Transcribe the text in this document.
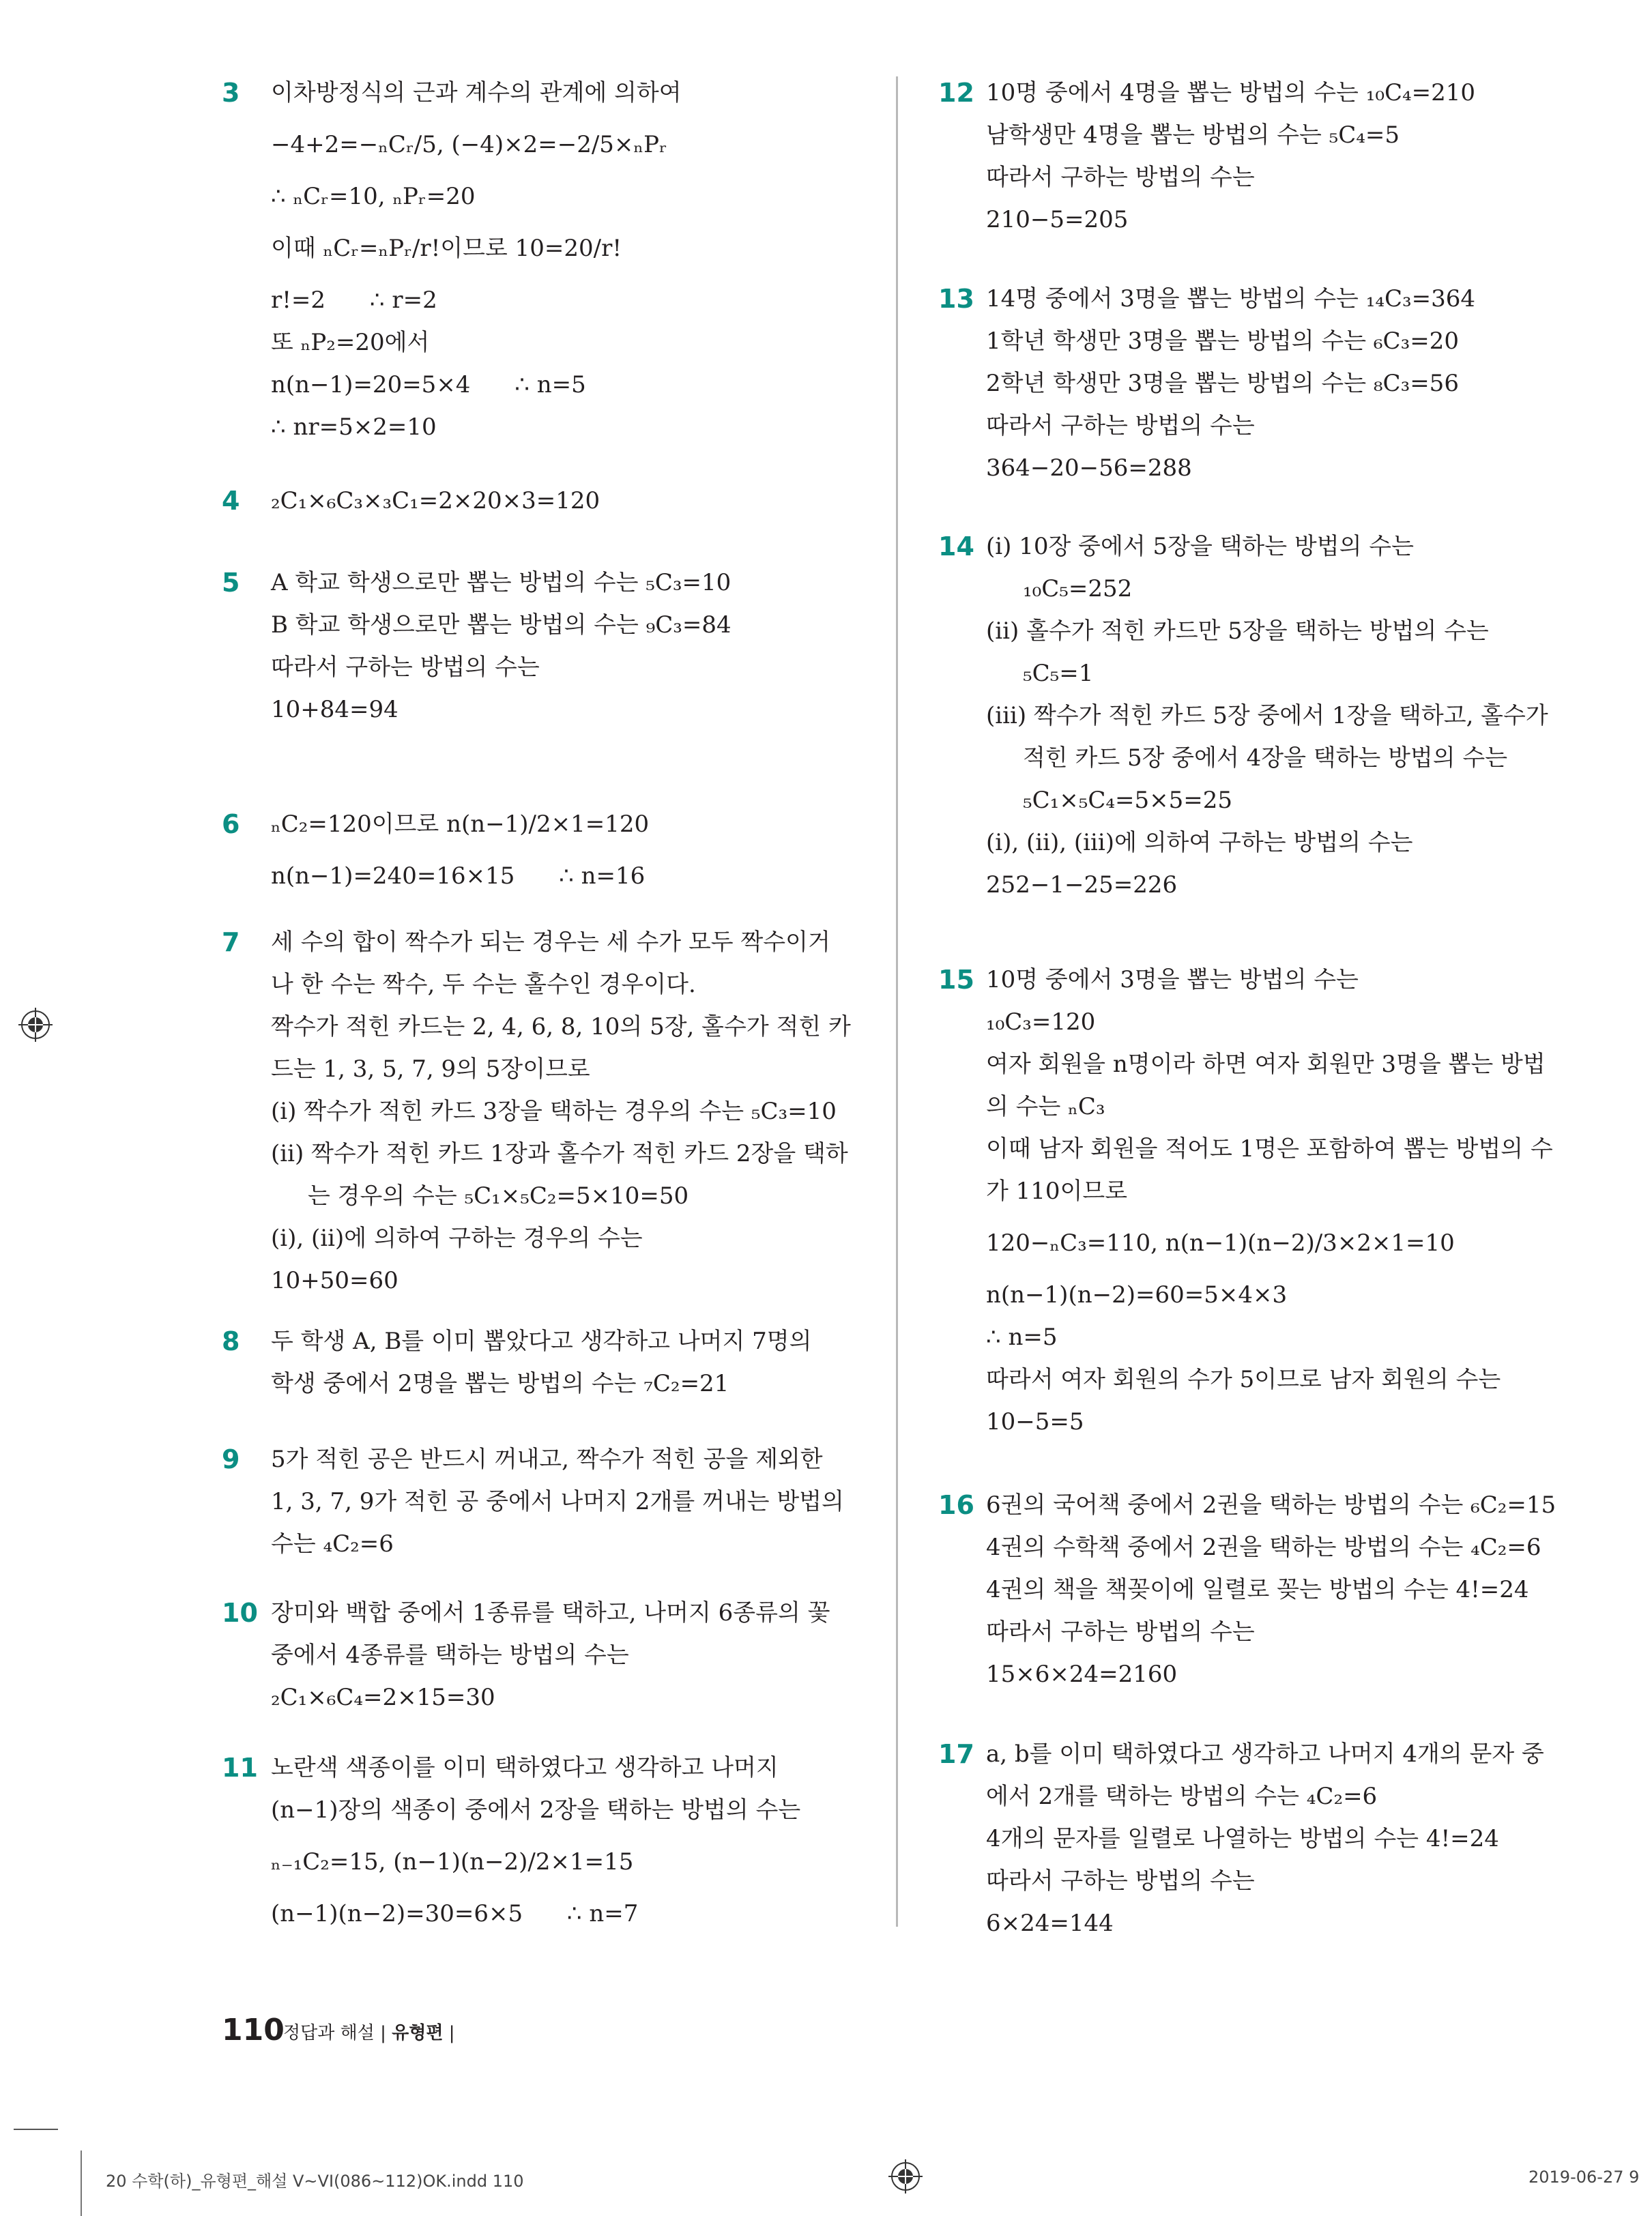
3 이차방정식의 근과 계수의 관계에 의하여
−4+2=−ₙCᵣ/5, (−4)×2=−2/5×ₙPᵣ
∴ ₙCᵣ=10, ₙPᵣ=20
이때 ₙCᵣ=ₙPᵣ/r!이므로 10=20/r!
r!=2      ∴ r=2
또 ₙP₂=20에서
n(n−1)=20=5×4      ∴ n=5
∴ nr=5×2=10
4 ₂C₁×₆C₃×₃C₁=2×20×3=120
5 A 학교 학생으로만 뽑는 방법의 수는 ₅C₃=10
B 학교 학생으로만 뽑는 방법의 수는 ₉C₃=84
따라서 구하는 방법의 수는
10+84=94
6 ₙC₂=120이므로 n(n−1)/2×1=120
n(n−1)=240=16×15      ∴ n=16
7 세 수의 합이 짝수가 되는 경우는 세 수가 모두 짝수이거
나 한 수는 짝수, 두 수는 홀수인 경우이다.
짝수가 적힌 카드는 2, 4, 6, 8, 10의 5장, 홀수가 적힌 카
드는 1, 3, 5, 7, 9의 5장이므로
(ⅰ) 짝수가 적힌 카드 3장을 택하는 경우의 수는 ₅C₃=10
(ⅱ) 짝수가 적힌 카드 1장과 홀수가 적힌 카드 2장을 택하
는 경우의 수는 ₅C₁×₅C₂=5×10=50
(ⅰ), (ⅱ)에 의하여 구하는 경우의 수는
10+50=60
8 두 학생 A, B를 이미 뽑았다고 생각하고 나머지 7명의
학생 중에서 2명을 뽑는 방법의 수는 ₇C₂=21
9 5가 적힌 공은 반드시 꺼내고, 짝수가 적힌 공을 제외한
1, 3, 7, 9가 적힌 공 중에서 나머지 2개를 꺼내는 방법의
수는 ₄C₂=6
10 장미와 백합 중에서 1종류를 택하고, 나머지 6종류의 꽃
중에서 4종류를 택하는 방법의 수는
₂C₁×₆C₄=2×15=30
11 노란색 색종이를 이미 택하였다고 생각하고 나머지
(n−1)장의 색종이 중에서 2장을 택하는 방법의 수는
ₙ₋₁C₂=15, (n−1)(n−2)/2×1=15
(n−1)(n−2)=30=6×5      ∴ n=7
12 10명 중에서 4명을 뽑는 방법의 수는 ₁₀C₄=210
남학생만 4명을 뽑는 방법의 수는 ₅C₄=5
따라서 구하는 방법의 수는
210−5=205
13 14명 중에서 3명을 뽑는 방법의 수는 ₁₄C₃=364
1학년 학생만 3명을 뽑는 방법의 수는 ₆C₃=20
2학년 학생만 3명을 뽑는 방법의 수는 ₈C₃=56
따라서 구하는 방법의 수는
364−20−56=288
14 (ⅰ) 10장 중에서 5장을 택하는 방법의 수는
₁₀C₅=252
(ⅱ) 홀수가 적힌 카드만 5장을 택하는 방법의 수는
₅C₅=1
(ⅲ) 짝수가 적힌 카드 5장 중에서 1장을 택하고, 홀수가
적힌 카드 5장 중에서 4장을 택하는 방법의 수는
₅C₁×₅C₄=5×5=25
(ⅰ), (ⅱ), (ⅲ)에 의하여 구하는 방법의 수는
252−1−25=226
15 10명 중에서 3명을 뽑는 방법의 수는
₁₀C₃=120
여자 회원을 n명이라 하면 여자 회원만 3명을 뽑는 방법
의 수는 ₙC₃
이때 남자 회원을 적어도 1명은 포함하여 뽑는 방법의 수
가 110이므로
120−ₙC₃=110, n(n−1)(n−2)/3×2×1=10
n(n−1)(n−2)=60=5×4×3
∴ n=5
따라서 여자 회원의 수가 5이므로 남자 회원의 수는
10−5=5
16 6권의 국어책 중에서 2권을 택하는 방법의 수는 ₆C₂=15
4권의 수학책 중에서 2권을 택하는 방법의 수는 ₄C₂=6
4권의 책을 책꽂이에 일렬로 꽂는 방법의 수는 4!=24
따라서 구하는 방법의 수는
15×6×24=2160
17 a, b를 이미 택하였다고 생각하고 나머지 4개의 문자 중
에서 2개를 택하는 방법의 수는 ₄C₂=6
4개의 문자를 일렬로 나열하는 방법의 수는 4!=24
따라서 구하는 방법의 수는
6×24=144
110
정답과 해설 | 유형편 |
20 수학(하)_유형편_해설 V~VI(086~112)OK.indd 110	2019-06-27 9
